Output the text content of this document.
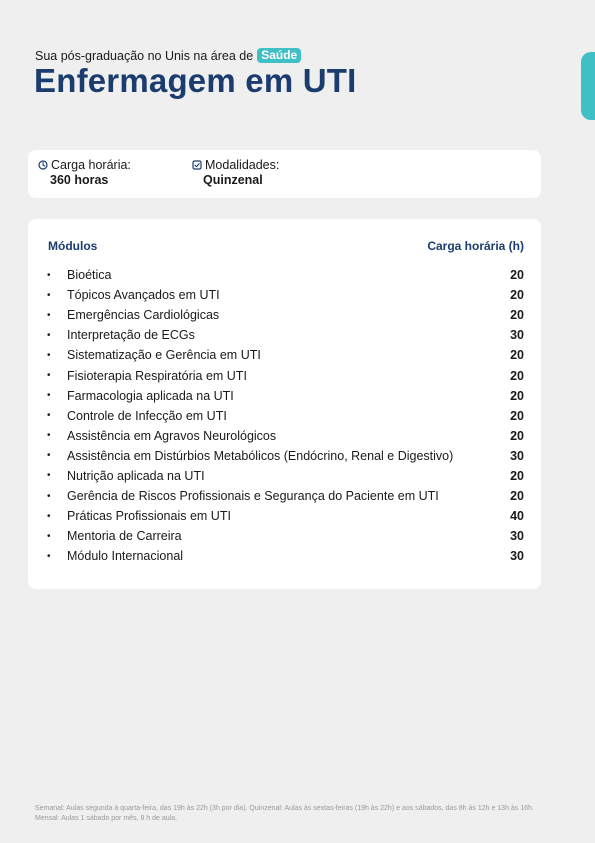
Sua pós-graduação no Unis na área de Saúde
Enfermagem em UTI
Carga horária:
360 horas
Modalidades:
Quinzenal
Módulos	Carga horária (h)
•	Bioética	20
•	Tópicos Avançados em UTI	20
•	Emergências Cardiológicas	20
•	Interpretação de ECGs	30
•	Sistematização e Gerência em UTI	20
•	Fisioterapia Respiratória em UTI	20
•	Farmacologia aplicada na UTI	20
•	Controle de Infecção em UTI	20
•	Assistência em Agravos Neurológicos	20
•	Assistência em Distúrbios Metabólicos (Endócrino, Renal e Digestivo)	30
•	Nutrição aplicada na UTI	20
•	Gerência de Riscos Profissionais e Segurança do Paciente em UTI	20
•	Práticas Profissionais em UTI	40
•	Mentoria de Carreira	30
•	Módulo Internacional	30
Semanal: Aulas segunda à quarta-feira, das 19h às 22h (3h por dia). Quinzenal: Aulas às sextas-feiras (19h às 22h) e aos sábados, das 8h às 12h e 13h às 16h.
Mensal: Aulas 1 sábado por mês, 8 h de aula.
